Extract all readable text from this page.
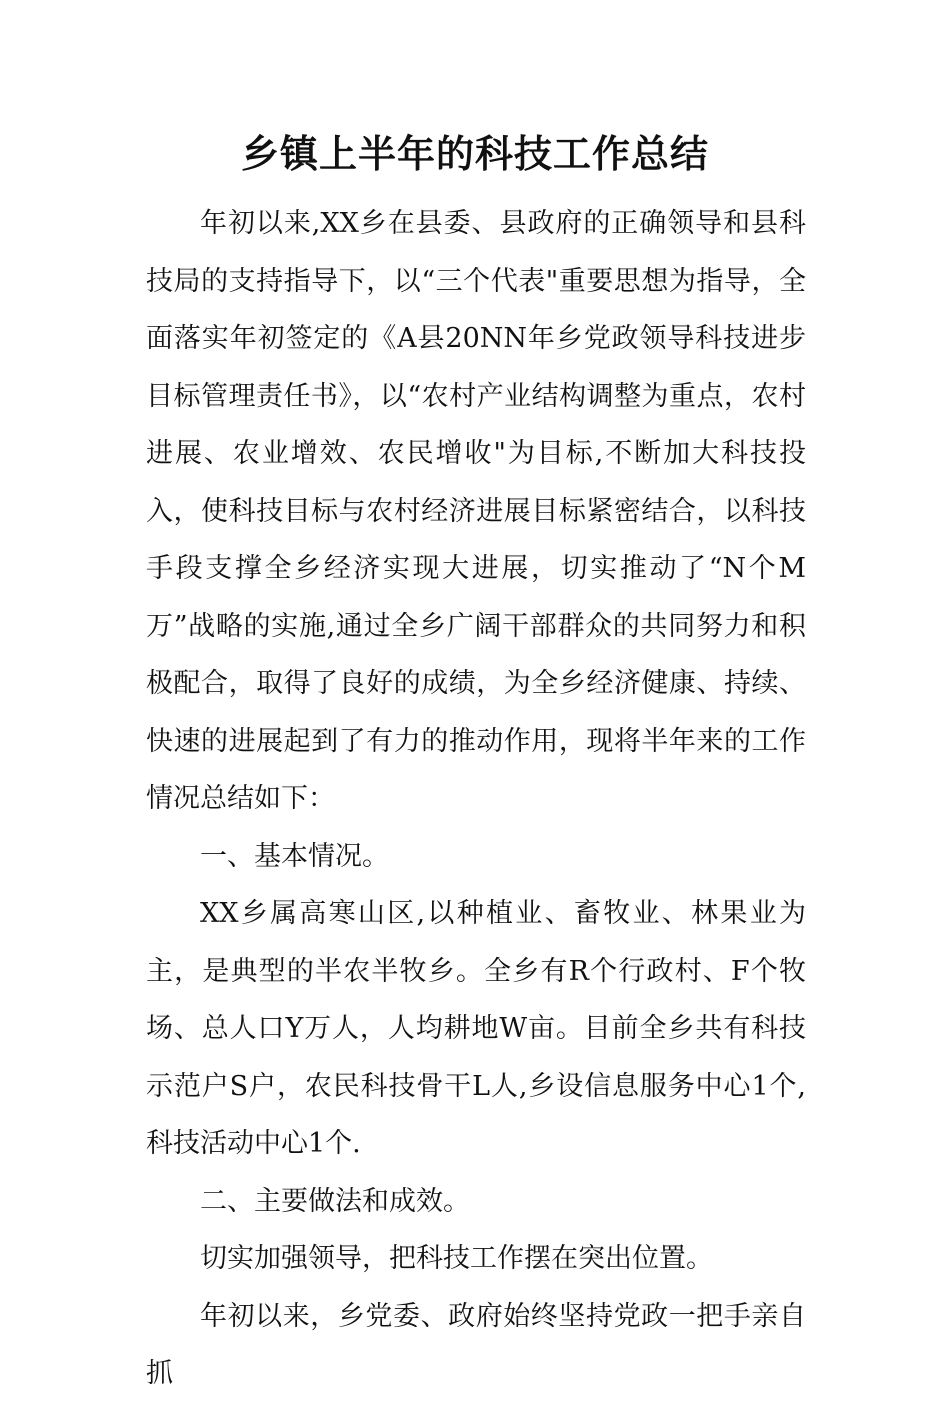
乡镇上半年的科技工作总结

年初以来,XX乡在县委、县政府的正确领导和县科技局的支持指导下，以“三个代表"重要思想为指导，全面落实年初签定的《A县20NN年乡党政领导科技进步目标管理责任书》，以“农村产业结构调整为重点，农村进展、农业增效、农民增收"为目标,不断加大科技投入，使科技目标与农村经济进展目标紧密结合，以科技手段支撑全乡经济实现大进展，切实推动了“N个M万”战略的实施,通过全乡广阔干部群众的共同努力和积极配合，取得了良好的成绩，为全乡经济健康、持续、快速的进展起到了有力的推动作用，现将半年来的工作情况总结如下：

一、基本情况。

XX乡属高寒山区,以种植业、畜牧业、林果业为主，是典型的半农半牧乡。全乡有R个行政村、F个牧场、总人口Y万人，人均耕地W亩。目前全乡共有科技示范户S户，农民科技骨干L人,乡设信息服务中心1个,科技活动中心1个.

二、主要做法和成效。

切实加强领导，把科技工作摆在突出位置。

年初以来，乡党委、政府始终坚持党政一把手亲自抓
